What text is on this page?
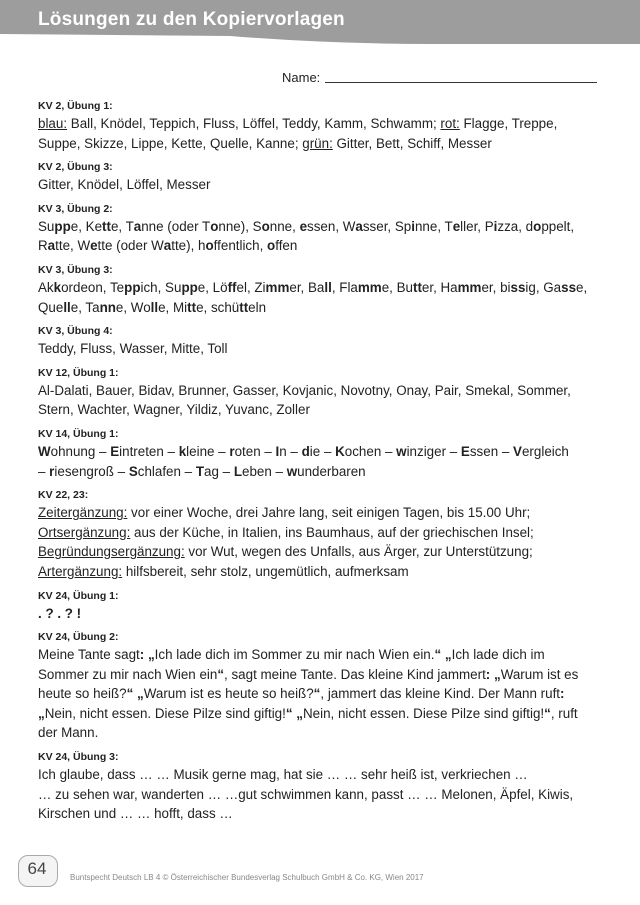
Lösungen zu den Kopiervorlagen
Name:
KV 2, Übung 1:
blau: Ball, Knödel, Teppich, Fluss, Löffel, Teddy, Kamm, Schwamm; rot: Flagge, Treppe,
Suppe, Skizze, Lippe, Kette, Quelle, Kanne; grün: Gitter, Bett, Schiff, Messer
KV 2, Übung 3:
Gitter, Knödel, Löffel, Messer
KV 3, Übung 2:
Suppe, Kette, Tanne (oder Tonne), Sonne, essen, Wasser, Spinne, Teller, Pizza, doppelt,
Ratte, Wette (oder Watte), hoffentlich, offen
KV 3, Übung 3:
Akkordeon, Teppich, Suppe, Löffel, Zimmer, Ball, Flamme, Butter, Hammer, bissig, Gasse,
Quelle, Tanne, Wolle, Mitte, schütteln
KV 3, Übung 4:
Teddy, Fluss, Wasser, Mitte, Toll
KV 12, Übung 1:
Al-Dalati, Bauer, Bidav, Brunner, Gasser, Kovjanic, Novotny, Onay, Pair, Smekal, Sommer,
Stern, Wachter, Wagner, Yildiz, Yuvanc, Zoller
KV 14, Übung 1:
Wohnung – Eintreten – kleine – roten – In – die – Kochen – winziger – Essen – Vergleich
– riesengroß – Schlafen – Tag – Leben – wunderbaren
KV 22, 23:
Zeitergänzung: vor einer Woche, drei Jahre lang, seit einigen Tagen, bis 15.00 Uhr;
Ortsergänzung: aus der Küche, in Italien, ins Baumhaus, auf der griechischen Insel;
Begründungsergänzung: vor Wut, wegen des Unfalls, aus Ärger, zur Unterstützung;
Artergänzung: hilfsbereit, sehr stolz, ungemütlich, aufmerksam
KV 24, Übung 1:
. ? . ? !
KV 24, Übung 2:
Meine Tante sagt: „Ich lade dich im Sommer zu mir nach Wien ein.“ „Ich lade dich im
Sommer zu mir nach Wien ein“, sagt meine Tante. Das kleine Kind jammert: „Warum ist es
heute so heiß?“ „Warum ist es heute so heiß?“, jammert das kleine Kind. Der Mann ruft:
„Nein, nicht essen. Diese Pilze sind giftig!“ „Nein, nicht essen. Diese Pilze sind giftig!“, ruft
der Mann.
KV 24, Übung 3:
Ich glaube, dass … … Musik gerne mag, hat sie … … sehr heiß ist, verkriechen …
… zu sehen war, wanderten … …gut schwimmen kann, passt … … Melonen, Äpfel, Kiwis,
Kirschen und … … hofft, dass …
64	Buntspecht Deutsch LB 4 © Österreichischer Bundesverlag Schulbuch GmbH & Co. KG, Wien 2017
